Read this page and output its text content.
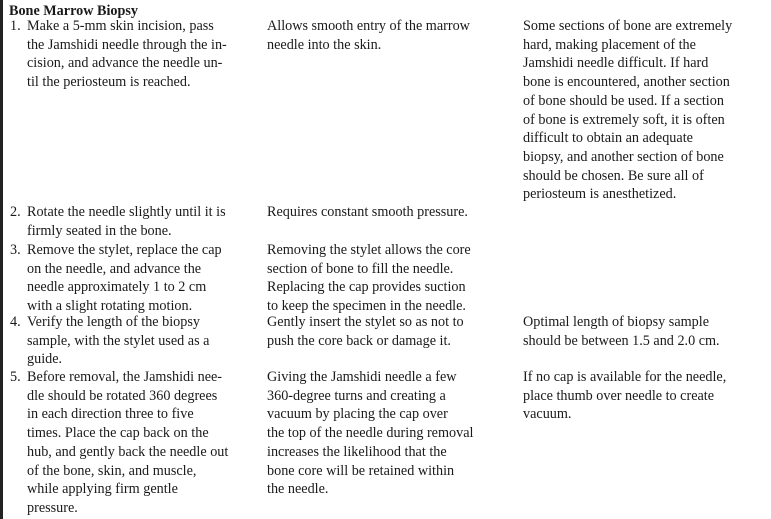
Bone Marrow Biopsy
1. Make a 5-mm skin incision, pass
the Jamshidi needle through the in-
cision, and advance the needle un-
til the periosteum is reached.
Allows smooth entry of the marrow
needle into the skin.
Some sections of bone are extremely
hard, making placement of the
Jamshidi needle difficult. If hard
bone is encountered, another section
of bone should be used. If a section
of bone is extremely soft, it is often
difficult to obtain an adequate
biopsy, and another section of bone
should be chosen. Be sure all of
periosteum is anesthetized.
2. Rotate the needle slightly until it is
firmly seated in the bone.
Requires constant smooth pressure.
3. Remove the stylet, replace the cap
on the needle, and advance the
needle approximately 1 to 2 cm
with a slight rotating motion.
Removing the stylet allows the core
section of bone to fill the needle.
Replacing the cap provides suction
to keep the specimen in the needle.
4. Verify the length of the biopsy
sample, with the stylet used as a
guide.
Gently insert the stylet so as not to
push the core back or damage it.
Optimal length of biopsy sample
should be between 1.5 and 2.0 cm.
5. Before removal, the Jamshidi nee-
dle should be rotated 360 degrees
in each direction three to five
times. Place the cap back on the
hub, and gently back the needle out
of the bone, skin, and muscle,
while applying firm gentle
pressure.
Giving the Jamshidi needle a few
360-degree turns and creating a
vacuum by placing the cap over
the top of the needle during removal
increases the likelihood that the
bone core will be retained within
the needle.
If no cap is available for the needle,
place thumb over needle to create
vacuum.
